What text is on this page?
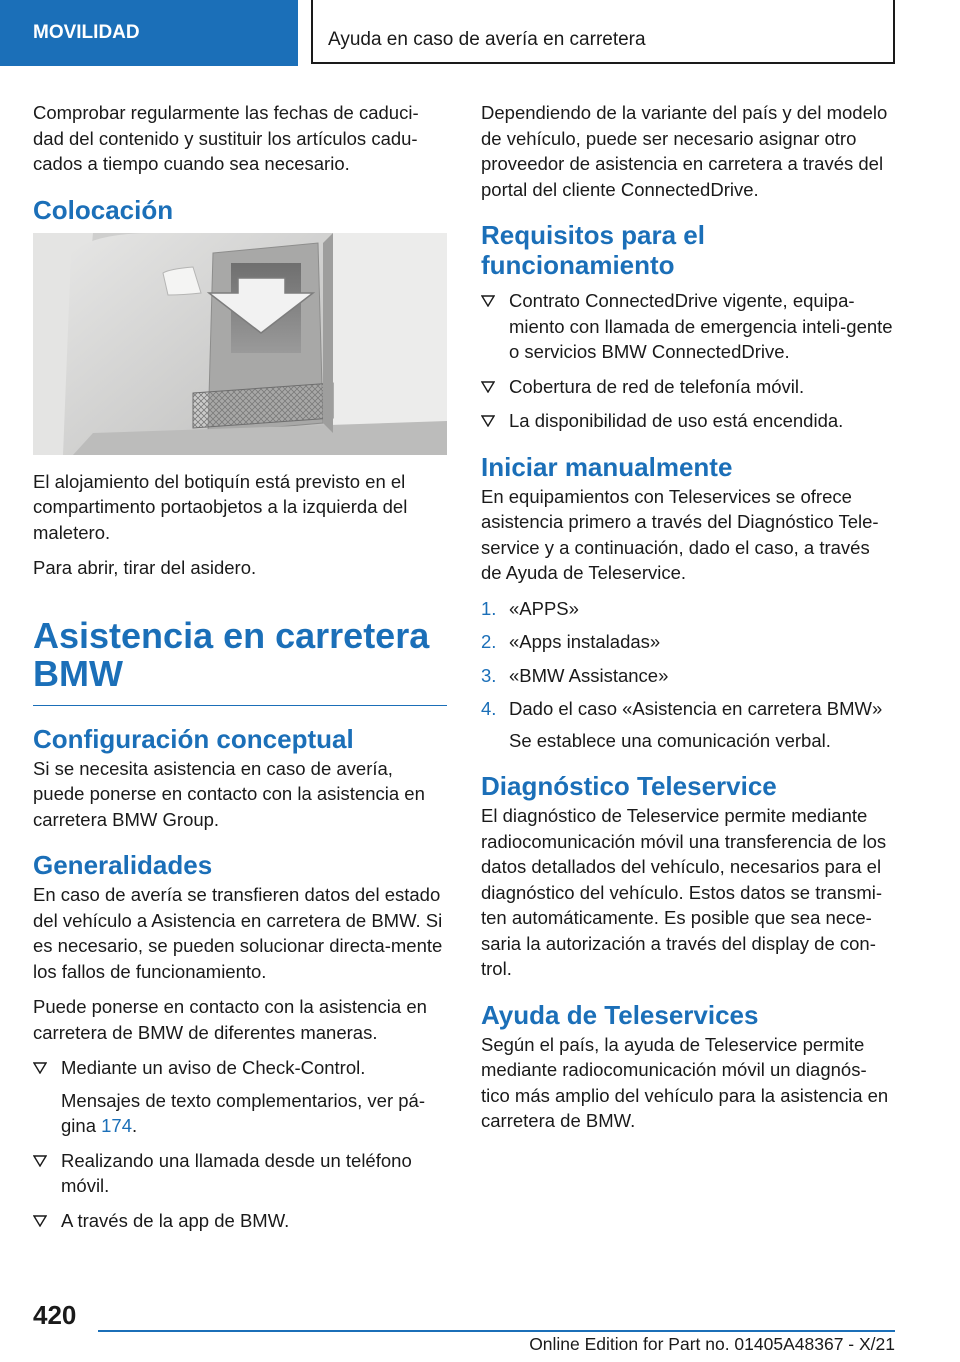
MOVILIDAD	Ayuda en caso de avería en carretera

Comprobar regularmente las fechas de caduci-dad del contenido y sustituir los artículos cadu-cados a tiempo cuando sea necesario.

Colocación

El alojamiento del botiquín está previsto en el compartimento portaobjetos a la izquierda del maletero.

Para abrir, tirar del asidero.

Asistencia en carretera BMW
Configuración conceptual

Si se necesita asistencia en caso de avería, puede ponerse en contacto con la asistencia en carretera BMW Group.

Generalidades

En caso de avería se transfieren datos del estado del vehículo a Asistencia en carretera de BMW. Si es necesario, se pueden solucionar directa-mente los fallos de funcionamiento.

Puede ponerse en contacto con la asistencia en carretera de BMW de diferentes maneras.

Mediante un aviso de Check-Control.

Mensajes de texto complementarios, ver pá-gina 174.

Realizando una llamada desde un teléfono móvil.
A través de la app de BMW.

Dependiendo de la variante del país y del modelo de vehículo, puede ser necesario asignar otro proveedor de asistencia en carretera a través del portal del cliente ConnectedDrive.

Requisitos para el funcionamiento
Contrato ConnectedDrive vigente, equipa-miento con llamada de emergencia inteli-gente o servicios BMW ConnectedDrive.
Cobertura de red de telefonía móvil.
La disponibilidad de uso está encendida.
Iniciar manualmente

En equipamientos con Teleservices se ofrece asistencia primero a través del Diagnóstico Tele-service y a continuación, dado el caso, a través de Ayuda de Teleservice.

1. «APPS»
2. «Apps instaladas»
3. «BMW Assistance»
4. Dado el caso «Asistencia en carretera BMW»

Se establece una comunicación verbal.

Diagnóstico Teleservice

El diagnóstico de Teleservice permite mediante radiocomunicación móvil una transferencia de los datos detallados del vehículo, necesarios para el diagnóstico del vehículo. Estos datos se transmi-ten automáticamente. Es posible que sea nece-saria la autorización a través del display de con-trol.

Ayuda de Teleservices

Según el país, la ayuda de Teleservice permite mediante radiocomunicación móvil un diagnós-tico más amplio del vehículo para la asistencia en carretera de BMW.

420
Online Edition for Part no. 01405A48367 - X/21
